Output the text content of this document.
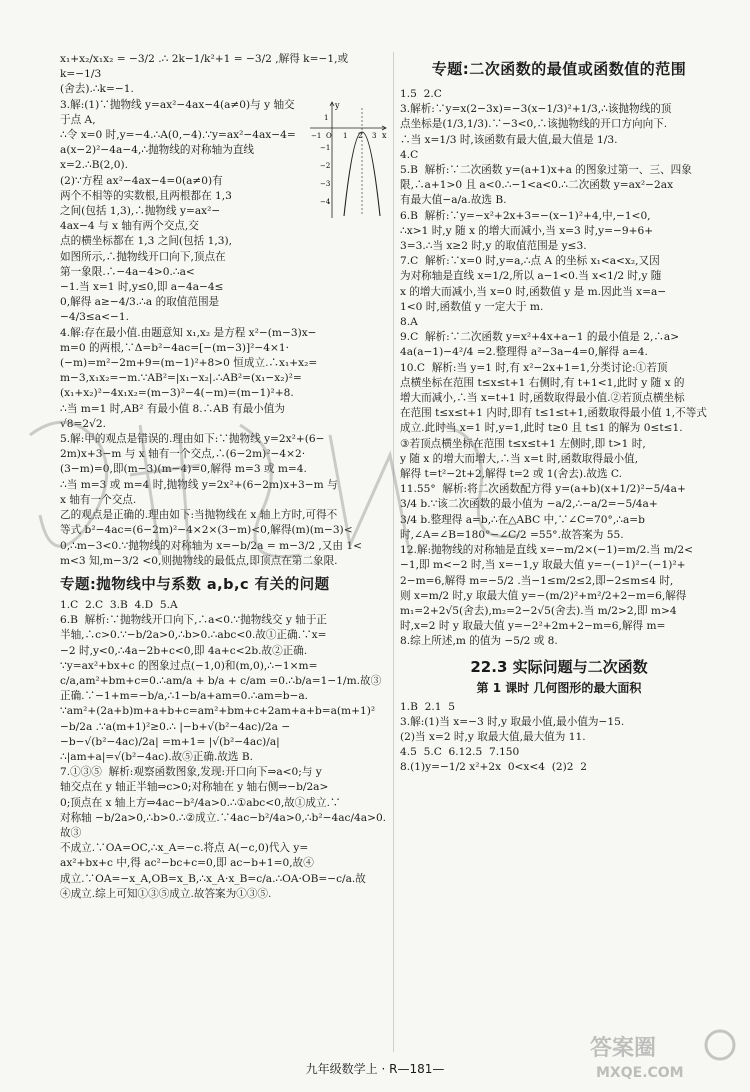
x₁+x₂/x₁x₂ = −3/2 .∴ 2k−1/k²+1 = −3/2 ,解得 k=−1,或 k=−1/3
(舍去).∴k=−1.

y
x
1
−1
−2
−3
−4
−1 O 1 2 3

3.解:(1)∵抛物线 y=ax²−4ax−4(a≠0)与 y 轴交于点 A,
∴令 x=0 时,y=−4.∴A(0,−4).∵y=ax²−4ax−4=
a(x−2)²−4a−4,∴抛物线的对称轴为直线 x=2.∴B(2,0).
(2)∵方程 ax²−4ax−4=0(a≠0)有
两个不相等的实数根,且两根都在 1,3
之间(包括 1,3),∴抛物线 y=ax²−
4ax−4 与 x 轴有两个交点,交
点的横坐标都在 1,3 之间(包括 1,3),
如图所示,∴抛物线开口向下,顶点在
第一象限.∴−4a−4>0.∴a<
−1.当 x=1 时,y≤0,即 a−4a−4≤
0,解得 a≥−4/3.∴a 的取值范围是
−4/3≤a<−1.

4.解:存在最小值.由题意知 x₁,x₂ 是方程 x²−(m−3)x−
m=0 的两根,∵Δ=b²−4ac=[−(m−3)]²−4×1·
(−m)=m²−2m+9=(m−1)²+8>0 恒成立.∴x₁+x₂=
m−3,x₁x₂=−m.∵AB²=|x₁−x₂|.∴AB²=(x₁−x₂)²=
(x₁+x₂)²−4x₁x₂=(m−3)²−4(−m)=(m−1)²+8.
∴当 m=1 时,AB² 有最小值 8.∴AB 有最小值为
√8=2√2.

5.解:甲的观点是错误的.理由如下:∵抛物线 y=2x²+(6−
2m)x+3−m 与 x 轴有一个交点,∴(6−2m)²−4×2·
(3−m)=0,即(m−3)(m−4)=0,解得 m=3 或 m=4.
∴当 m=3 或 m=4 时,抛物线 y=2x²+(6−2m)x+3−m 与
x 轴有一个交点.
乙的观点是正确的.理由如下:当抛物线在 x 轴上方时,可得不
等式 b²−4ac=(6−2m)²−4×2×(3−m)<0,解得(m)(m−3)<
0,∴m−3<0.∵抛物线的对称轴为 x=−b/2a = m−3/2 ,又由 1<
m<3 知,m−3/2 <0,则抛物线的最低点,即顶点在第二象限.

专题:抛物线中与系数 a,b,c 有关的问题

1.C  2.C  3.B  4.D  5.A

6.B  解析:∵抛物线开口向下,∴a<0.∵抛物线交 y 轴于正
半轴,∴c>0.∵−b/2a>0,∴b>0.∴abc<0.故①正确.∵x=
−2 时,y<0,∴4a−2b+c<0,即 4a+c<2b.故②正确.
∵y=ax²+bx+c 的图象过点(−1,0)和(m,0),∴−1×m=
c/a,am²+bm+c=0.∴am/a + b/a + c/am =0.∴b/a=1−1/m.故③
正确.∵−1+m=−b/a,∴1−b/a+am=0.∴am=b−a.
∵am²+(2a+b)m+a+b+c=am²+bm+c+2am+a+b=a(m+1)²
−b/2a .∵a(m+1)²≥0.∴ |−b+√(b²−4ac)/2a − −b−√(b²−4ac)/2a| =m+1= |√(b²−4ac)/a|
∴|am+a|=√(b²−4ac).故⑤正确.故选 B.

7.①③⑤  解析:观察函数图象,发现:开口向下⇒a<0;与 y
轴交点在 y 轴正半轴⇒c>0;对称轴在 y 轴右侧⇒−b/2a>
0;顶点在 x 轴上方⇒4ac−b²/4a>0.∴①abc<0,故①成立.∵
对称轴 −b/2a>0,∴b>0.∴②成立.∵4ac−b²/4a>0,∴b²−4ac/4a>0.故③
不成立.∵OA=OC,∴x_A=−c.将点 A(−c,0)代入 y=
ax²+bx+c 中,得 ac²−bc+c=0,即 ac−b+1=0,故④
成立.∵OA=−x_A,OB=x_B,∴x_A·x_B=c/a.∴OA·OB=−c/a.故
④成立.综上可知①③⑤成立.故答案为①③⑤.

专题:二次函数的最值或函数值的范围

1.5  2.C

3.解析:∵y=x(2−3x)=−3(x−1/3)²+1/3,∴该抛物线的顶
点坐标是(1/3,1/3).∵−3<0,∴该抛物线的开口方向向下.
∴当 x=1/3 时,该函数有最大值,最大值是 1/3.

4.C

5.B  解析:∵二次函数 y=(a+1)x+a 的图象过第一、三、四象
限,∴a+1>0 且 a<0.∴−1<a<0.∴二次函数 y=ax²−2ax
有最大值−a/a.故选 B.

6.B  解析:∵y=−x²+2x+3=−(x−1)²+4,中,−1<0,
∴x>1 时,y 随 x 的增大而减小,当 x=3 时,y=−9+6+
3=3.∴当 x≥2 时,y 的取值范围是 y≤3.

7.C  解析:∵x=0 时,y=a,∴点 A 的坐标 x₁<a<x₂,又因
为对称轴是直线 x=1/2,所以 a−1<0.当 x<1/2 时,y 随
x 的增大而减小,当 x=0 时,函数值 y 是 m.因此当 x=a−
1<0 时,函数值 y 一定大于 m.

8.A

9.C  解析:∵二次函数 y=x²+4x+a−1 的最小值是 2,∴a>
4a(a−1)−4²/4 =2.整理得 a²−3a−4=0,解得 a=4.

10.C  解析:当 y=1 时,有 x²−2x+1=1,分类讨论:①若顶
点横坐标在范围 t≤x≤t+1 右侧时,有 t+1<1,此时 y 随 x 的
增大而减小,∴当 x=t+1 时,函数取得最小值.②若顶点横坐标
在范围 t≤x≤t+1 内时,即有 t≤1≤t+1,函数取得最小值 1,不等式
成立.此时当 x=1 时,y=1,此时 t≥0 且 t≤1 的解为 0≤t≤1.
③若顶点横坐标在范围 t≤x≤t+1 左侧时,即 t>1 时,
y 随 x 的增大而增大,∴当 x=t 时,函数取得最小值,
解得 t=t²−2t+2,解得 t=2 或 1(舍去).故选 C.

11.55°  解析:将二次函数配方得 y=(a+b)(x+1/2)²−5/4a+
3/4 b.∵该二次函数的最小值为 −a/2,∴−a/2=−5/4a+
3/4 b.整理得 a=b,∴在△ABC 中,∵∠C=70°,∴a=b
时,∠A=∠B=180°−∠C/2 =55°.故答案为 55.

12.解:抛物线的对称轴是直线 x=−m/2×(−1)=m/2.当 m/2<
−1,即 m<−2 时,当 x=−1,y 取最大值 y=−(−1)²−(−1)²+
2−m=6,解得 m=−5/2 .当−1≤m/2≤2,即−2≤m≤4 时,
则 x=m/2 时,y 取最大值 y=−(m/2)²+m²/2+2−m=6,解得
m₁=2+2√5(舍去),m₂=2−2√5(舍去).当 m/2>2,即 m>4
时,x=2 时 y 取最大值 y=−2²+2m+2−m=6,解得 m=
8.综上所述,m 的值为 −5/2 或 8.

22.3 实际问题与二次函数
第 1 课时 几何图形的最大面积

1.B  2.1  5

3.解:(1)当 x=−3 时,y 取最小值,最小值为−15.
(2)当 x=2 时,y 取最大值,最大值为 11.

4.5  5.C  6.12.5  7.150

8.(1)y=−1/2 x²+2x  0<x<4  (2)2  2

答案圈
MXQE.COM
九年级数学上 · R—181—
